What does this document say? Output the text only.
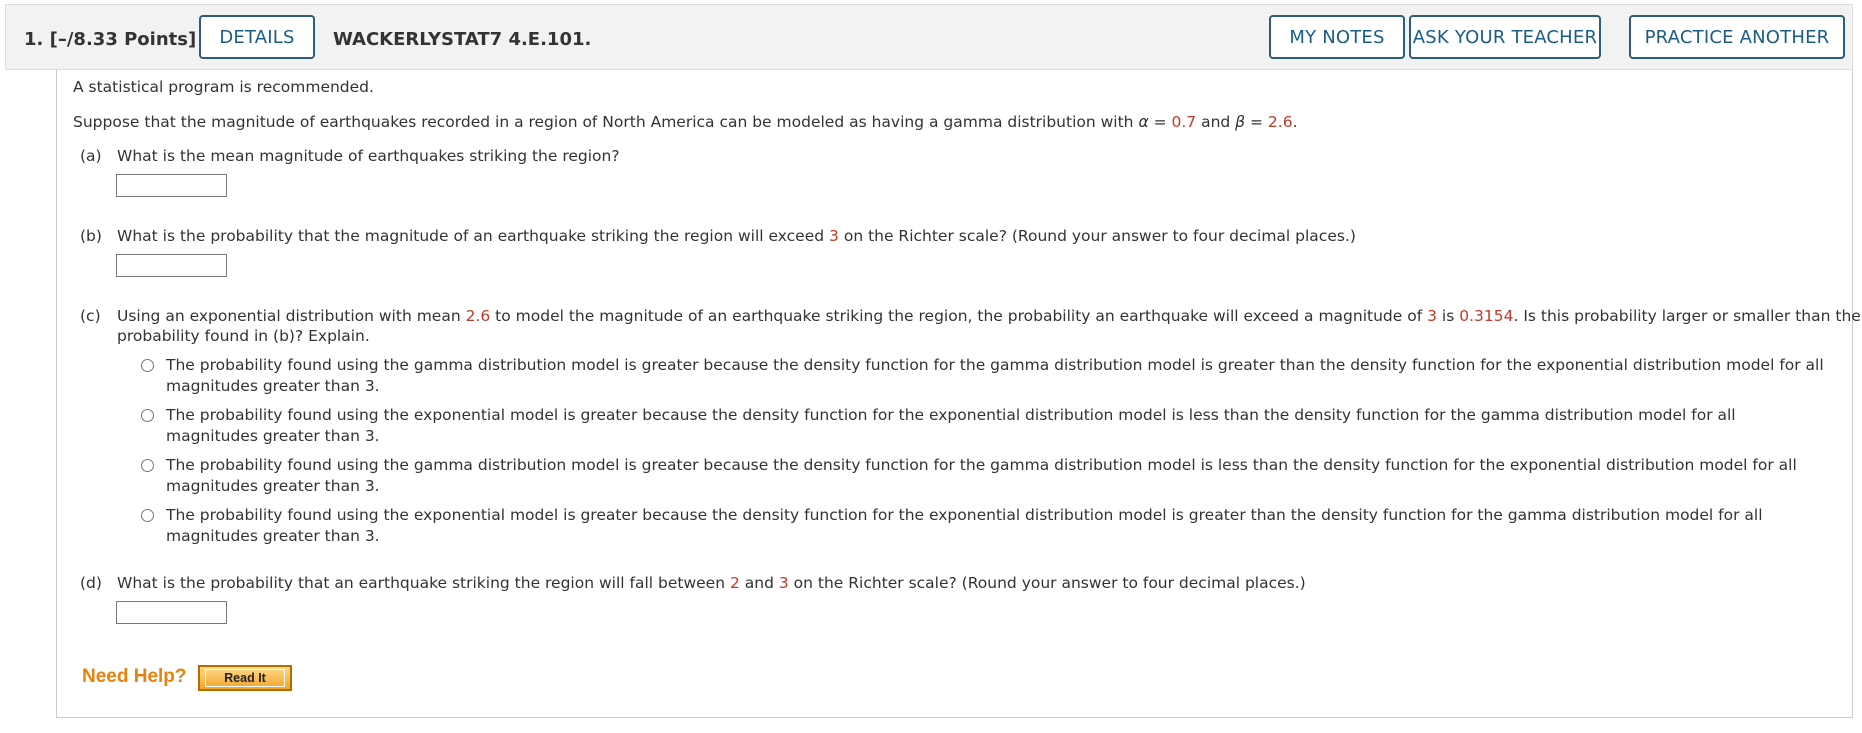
1. [–/8.33 Points]	DETAILS	WACKERLYSTAT7 4.E.101.	MY NOTES	ASK YOUR TEACHER	PRACTICE ANOTHER
A statistical program is recommended.
Suppose that the magnitude of earthquakes recorded in a region of North America can be modeled as having a gamma distribution with α = 0.7 and β = 2.6.
(a) What is the mean magnitude of earthquakes striking the region?
(b) What is the probability that the magnitude of an earthquake striking the region will exceed 3 on the Richter scale? (Round your answer to four decimal places.)
(c) Using an exponential distribution with mean 2.6 to model the magnitude of an earthquake striking the region, the probability an earthquake will exceed a magnitude of 3 is 0.3154. Is this probability larger or smaller than the
probability found in (b)? Explain.
The probability found using the gamma distribution model is greater because the density function for the gamma distribution model is greater than the density function for the exponential distribution model for all magnitudes greater than 3.
The probability found using the exponential model is greater because the density function for the exponential distribution model is less than the density function for the gamma distribution model for all magnitudes greater than 3.
The probability found using the gamma distribution model is greater because the density function for the gamma distribution model is less than the density function for the exponential distribution model for all magnitudes greater than 3.
The probability found using the exponential model is greater because the density function for the exponential distribution model is greater than the density function for the gamma distribution model for all magnitudes greater than 3.
(d) What is the probability that an earthquake striking the region will fall between 2 and 3 on the Richter scale? (Round your answer to four decimal places.)
Need Help?	Read It
